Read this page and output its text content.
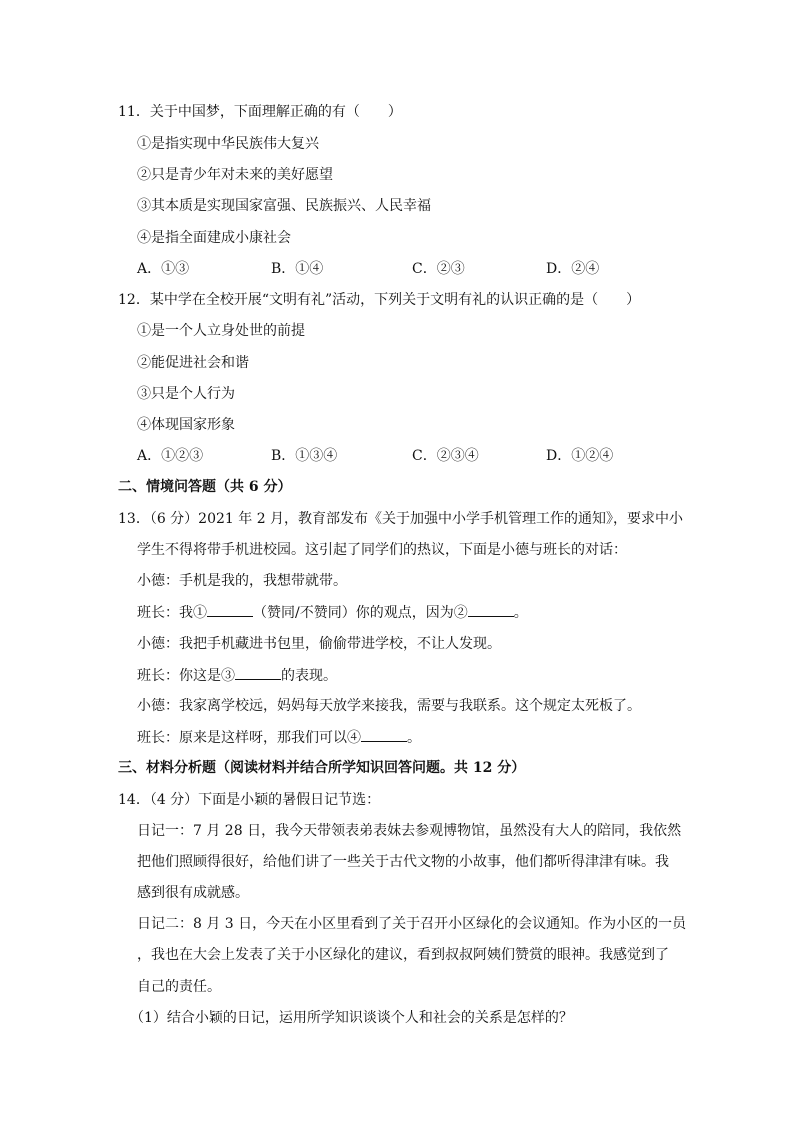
11．关于中国梦，下面理解正确的有（　　）
①是指实现中华民族伟大复兴
②只是青少年对未来的美好愿望
③其本质是实现国家富强、民族振兴、人民幸福
④是指全面建成小康社会
A．①③	B．①④	C．②③	D．②④
12．某中学在全校开展“文明有礼”活动，下列关于文明有礼的认识正确的是（　　）
①是一个人立身处世的前提
②能促进社会和谐
③只是个人行为
④体现国家形象
A．①②③	B．①③④	C．②③④	D．①②④
二、情境问答题（共 6 分）
13．（6 分）2021 年 2 月，教育部发布《关于加强中小学手机管理工作的通知》，要求中小
学生不得将带手机进校园。这引起了同学们的热议，下面是小德与班长的对话：
小德：手机是我的，我想带就带。
班长：我①	（赞同/不赞同）你的观点，因为②	。
小德：我把手机藏进书包里，偷偷带进学校，不让人发现。
班长：你这是③	的表现。
小德：我家离学校远，妈妈每天放学来接我，需要与我联系。这个规定太死板了。
班长：原来是这样呀，那我们可以④	。
三、材料分析题（阅读材料并结合所学知识回答问题。共 12 分）
14．（4 分）下面是小颖的暑假日记节选：
日记一：7 月 28 日，我今天带领表弟表妹去参观博物馆，虽然没有大人的陪同，我依然
把他们照顾得很好，给他们讲了一些关于古代文物的小故事，他们都听得津津有味。我
感到很有成就感。
日记二：8 月 3 日，今天在小区里看到了关于召开小区绿化的会议通知。作为小区的一员
，我也在大会上发表了关于小区绿化的建议，看到叔叔阿姨们赞赏的眼神。我感觉到了
自己的责任。
（1）结合小颖的日记，运用所学知识谈谈个人和社会的关系是怎样的？
